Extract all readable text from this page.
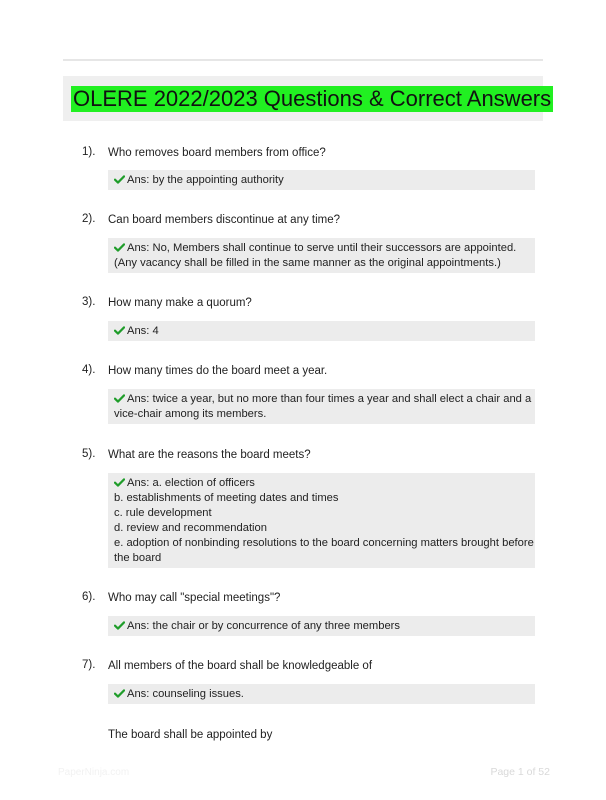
OLERE 2022/2023 Questions & Correct Answers
1). Who removes board members from office?
Ans: by the appointing authority
2). Can board members discontinue at any time?
Ans: No, Members shall continue to serve until their successors are appointed.
(Any vacancy shall be filled in the same manner as the original appointments.)
3). How many make a quorum?
Ans: 4
4). How many times do the board meet a year.
Ans: twice a year, but no more than four times a year and shall elect a chair and a
vice-chair among its members.
5). What are the reasons the board meets?
Ans: a. election of officers
b. establishments of meeting dates and times
c. rule development
d. review and recommendation
e. adoption of nonbinding resolutions to the board concerning matters brought before
the board
6). Who may call "special meetings"?
Ans: the chair or by concurrence of any three members
7). All members of the board shall be knowledgeable of
Ans: counseling issues.
The board shall be appointed by
PaperNinja.com	Page 1 of 52
